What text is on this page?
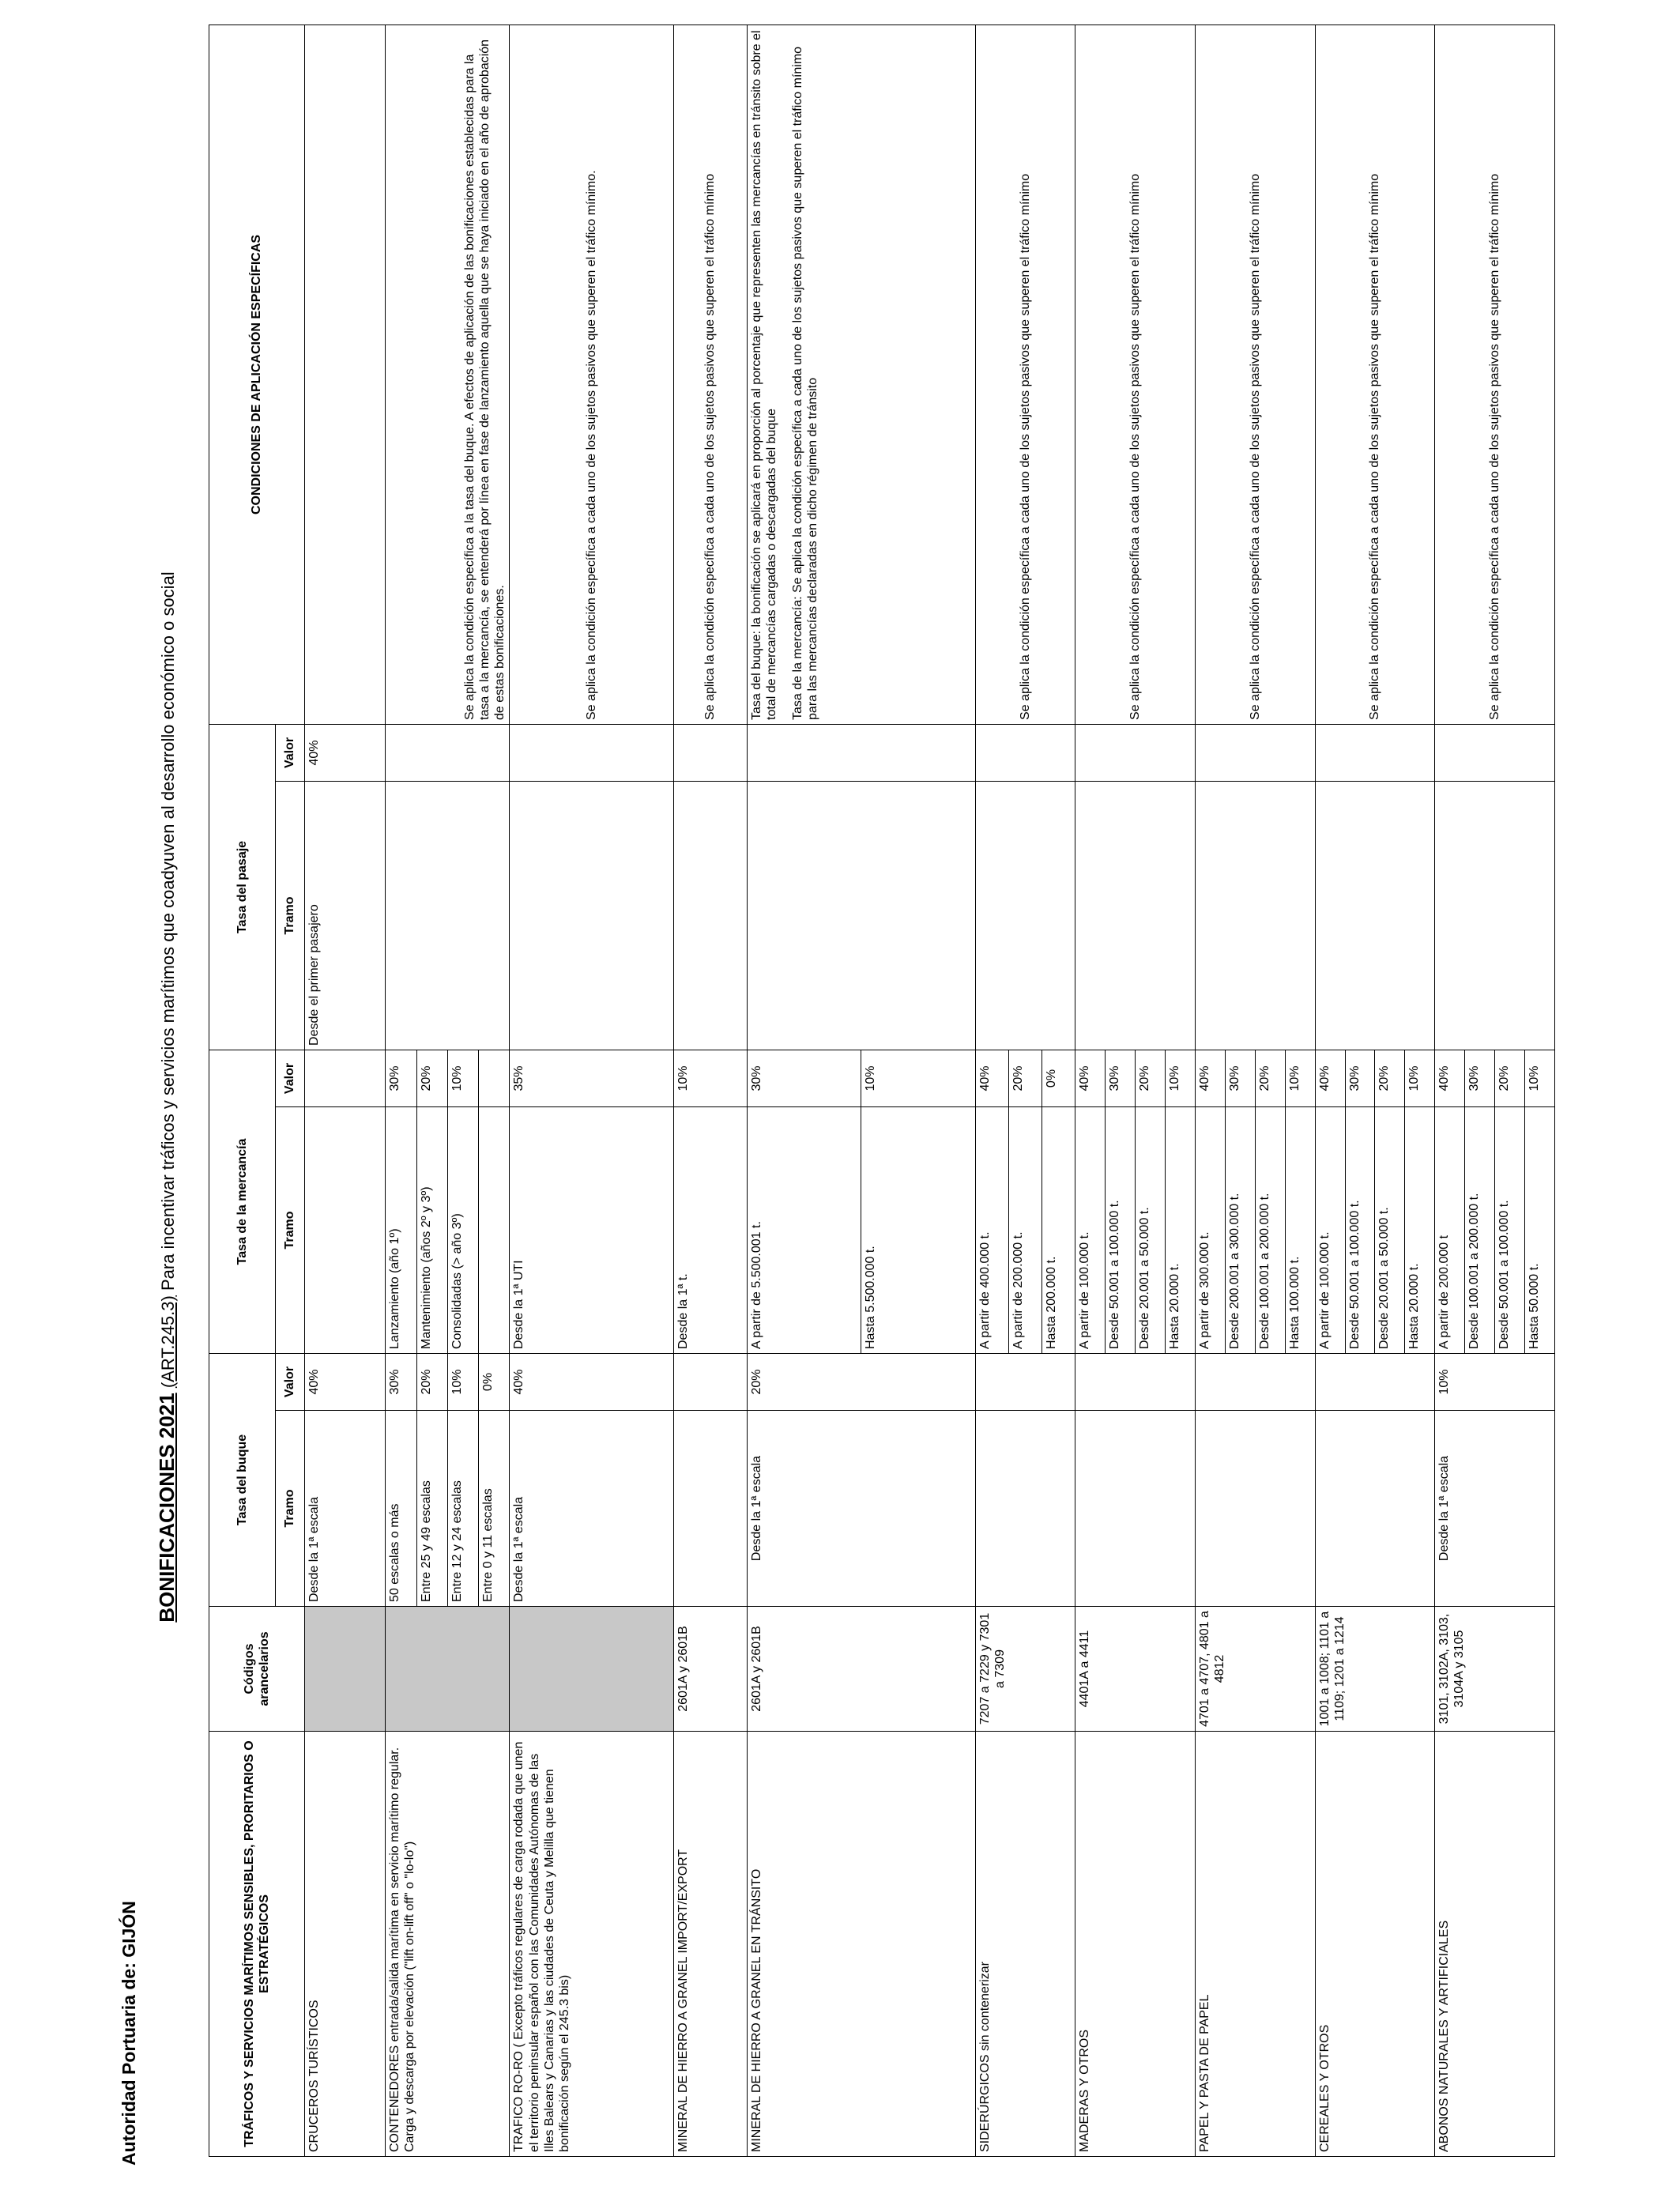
Autoridad Portuaria de: GIJÓN
BONIFICACIONES 2021 (ART.245.3) Para incentivar tráficos y servicios marítimos que coadyuven al desarrollo económico o social
TRÁFICOS Y SERVICIOS MARÍTIMOS SENSIBLES, PRORITARIOS O ESTRATÉGICOS	Códigos arancelarios	Tasa del buque		Tasa de la mercancía		Tasa del pasaje		CONDICIONES DE APLICACIÓN ESPECÍFICAS
		Tramo	Valor	Tramo	Valor	Tramo	Valor	
CRUCEROS TURÍSTICOS		Desde la 1ª escala	40%			Desde el primer pasajero	40%	
CONTENEDORES entrada/salida marítima en servicio marítimo regular. Carga y descarga por elevación ("lift on-lift off" o "lo-lo")		50 escalas o más	30%	Lanzamiento (año 1º)	30%			Se aplica la condición específica a la tasa del buque. A efectos de aplicación de las bonificaciones establecidas para la tasa a la mercancía, se entenderá por línea en fase de lanzamiento aquella que se haya iniciado en el año de aprobación de estas bonificaciones.
		Entre 25 y 49 escalas	20%	Mantenimiento (años 2º y 3º)	20%			
		Entre 12 y 24 escalas	10%	Consolidadas (> año 3º)	10%			
		Entre 0 y 11 escalas	0%					
TRAFICO RO-RO ( Excepto tráficos regulares de carga rodada que unen el territorio peninsular español con las Comunidades Autónomas de las Illes Balears y Canarias y las ciudades de Ceuta y Melilla que tienen bonificación según el 245.3 bis)		Desde la 1ª escala	40%	Desde la 1ª UTI	35%			Se aplica la condición específica a cada uno de los sujetos pasivos que superen el tráfico mínimo.
MINERAL DE HIERRO A GRANEL IMPORT/EXPORT	2601A y 2601B			Desde la 1ª t.	10%			Se aplica la condición específica a cada uno de los sujetos pasivos que superen el tráfico mínimo
MINERAL DE HIERRO A GRANEL EN TRÁNSITO	2601A y 2601B	Desde la 1ª escala	20%	A partir de 5.500.001 t.	30%			Tasa del buque: la bonificación se aplicará en proporción al porcentaje que representen las mercancías en tránsito sobre el total de mercancías cargadas o descargadas del buque Tasa de la mercancía: Se aplica la condición específica a cada uno de los sujetos pasivos que superen el tráfico mínimo para las mercancías declaradas en dicho régimen de tránsito

				Hasta 5.500.000 t.	10%			
SIDERÚRGICOS sin contenerizar	7207 a 7229 y 7301 a 7309			A partir de 400.000 t.	40%			Se aplica la condición específica a cada uno de los sujetos pasivos que superen el tráfico mínimo
				A partir de 200.000 t.	20%			
				Hasta 200.000 t.	0%			
MADERAS Y OTROS	4401A a 4411			A partir de 100.000 t.	40%			Se aplica la condición específica a cada uno de los sujetos pasivos que superen el tráfico mínimo
				Desde 50.001 a 100.000 t.	30%			
				Desde 20.001 a 50.000 t.	20%			
				Hasta 20.000 t.	10%			
PAPEL Y PASTA DE PAPEL	4701 a 4707, 4801 a 4812			A partir de 300.000 t.	40%			Se aplica la condición específica a cada uno de los sujetos pasivos que superen el tráfico mínimo
				Desde 200.001 a 300.000 t.	30%			
				Desde 100.001 a 200.000 t.	20%			
				Hasta 100.000 t.	10%			
CEREALES Y OTROS	1001 a 1008; 1101 a 1109; 1201 a 1214			A partir de 100.000 t.	40%			Se aplica la condición específica a cada uno de los sujetos pasivos que superen el tráfico mínimo
				Desde 50.001 a 100.000 t.	30%			
				Desde 20.001 a 50.000 t.	20%			
				Hasta 20.000 t.	10%			
ABONOS NATURALES Y ARTIFICIALES	3101, 3102A, 3103, 3104A y 3105	Desde la 1ª escala	10%	A partir de 200.000 t	40%			Se aplica la condición específica a cada uno de los sujetos pasivos que superen el tráfico mínimo
				Desde 100.001 a 200.000 t.	30%			
				Desde 50.001 a 100.000 t.	20%			
				Hasta 50.000 t.	10%			
